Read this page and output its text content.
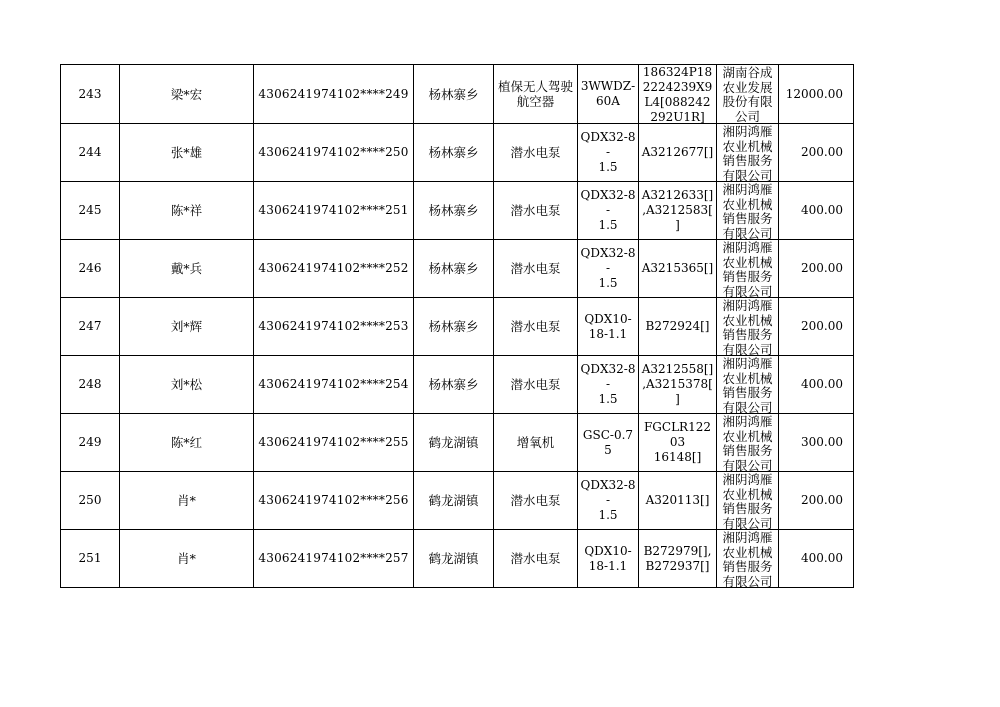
243	梁*宏	4306241974102****249	杨林寨乡	植保无人驾驶航空器	3WWDZ-
60A	186324P182224239X9L4[088242292U1R]	湖南谷成农业发展股份有限公司	12000.00

244	张*雄	4306241974102****250	杨林寨乡	潜水电泵	QDX32-8-
1.5	A3212677[]	湘阴鸿雁农业机械销售服务有限公司	200.00

245	陈*祥	4306241974102****251	杨林寨乡	潜水电泵	QDX32-8-
1.5	A3212633[]
,A3212583[
]	湘阴鸿雁农业机械销售服务有限公司	400.00

246	戴*兵	4306241974102****252	杨林寨乡	潜水电泵	QDX32-8-
1.5	A3215365[]	湘阴鸿雁农业机械销售服务有限公司	200.00

247	刘*辉	4306241974102****253	杨林寨乡	潜水电泵	QDX10-
18-1.1	B272924[]	湘阴鸿雁农业机械销售服务有限公司	200.00

248	刘*松	4306241974102****254	杨林寨乡	潜水电泵	QDX32-8-
1.5	A3212558[]
,A3215378[
]	湘阴鸿雁农业机械销售服务有限公司	400.00

249	陈*红	4306241974102****255	鹤龙湖镇	增氧机	GSC-0.75	FGCLR12203
16148[]	湘阴鸿雁农业机械销售服务有限公司	300.00

250	肖*	4306241974102****256	鹤龙湖镇	潜水电泵	QDX32-8-
1.5	A320113[]	湘阴鸿雁农业机械销售服务有限公司	200.00

251	肖*	4306241974102****257	鹤龙湖镇	潜水电泵	QDX10-
18-1.1	B272979[],
B272937[]	湘阴鸿雁农业机械销售服务有限公司	400.00
